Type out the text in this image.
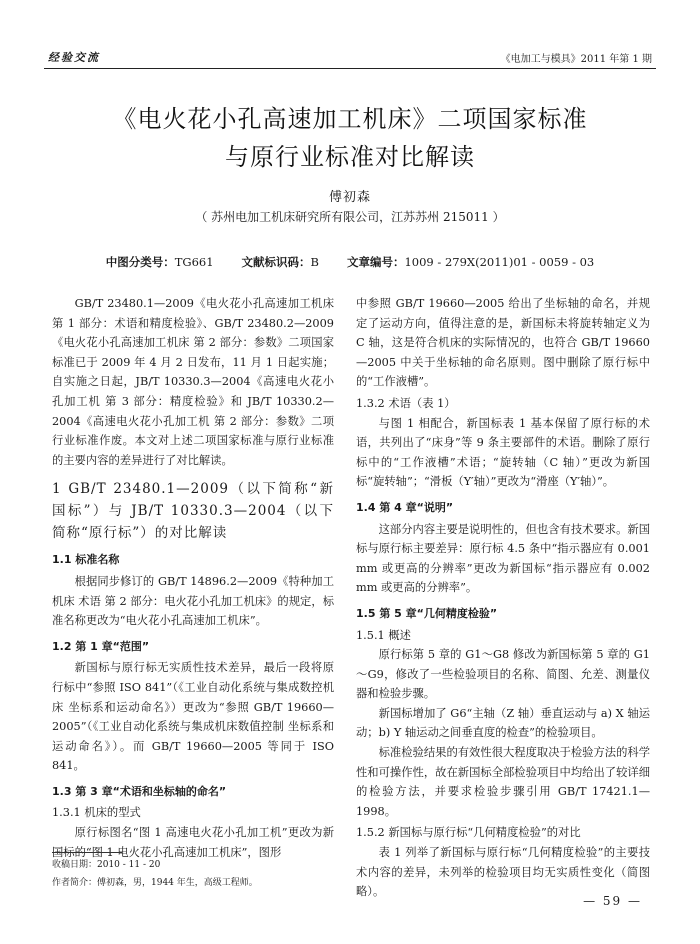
经验交流	《电加工与模具》2011 年第 1 期
《电火花小孔高速加工机床》二项国家标准
与原行业标准对比解读
傅初森
（ 苏州电加工机床研究所有限公司，江苏苏州 215011 ）
中图分类号：TG661 文献标识码：B 文章编号：1009 - 279X(2011)01 - 0059 - 03

GB/T 23480.1—2009《电火花小孔高速加工机床 第 1 部分：术语和精度检验》、GB/T 23480.2—2009《电火花小孔高速加工机床 第 2 部分：参数》二项国家标准已于 2009 年 4 月 2 日发布，11 月 1 日起实施；自实施之日起，JB/T 10330.3—2004《高速电火花小孔加工机 第 3 部分：精度检验》和 JB/T 10330.2—2004《高速电火花小孔加工机 第 2 部分：参数》二项行业标准作废。本文对上述二项国家标准与原行业标准的主要内容的差异进行了对比解读。

1 GB/T 23480.1—2009（以下简称“新国标”）与 JB/T 10330.3—2004（以下简称“原行标”）的对比解读
1.1 标准名称

根据同步修订的 GB/T 14896.2—2009《特种加工机床 术语 第 2 部分：电火花小孔加工机床》的规定，标准名称更改为“电火花小孔高速加工机床”。

1.2 第 1 章“范围”

新国标与原行标无实质性技术差异，最后一段将原行标中“参照 ISO 841”（《工业自动化系统与集成数控机床 坐标系和运动命名》）更改为“参照 GB/T 19660—2005”（《工业自动化系统与集成机床数值控制 坐标系和运动命名》）。而 GB/T 19660—2005 等同于 ISO 841。

1.3 第 3 章“术语和坐标轴的命名”
1.3.1 机床的型式

原行标图名“图 1 高速电火花小孔加工机”更改为新国标的“图 1 电火花小孔高速加工机床”，图形

中参照 GB/T 19660—2005 给出了坐标轴的命名，并规定了运动方向，值得注意的是，新国标未将旋转轴定义为 C 轴，这是符合机床的实际情况的，也符合 GB/T 19660—2005 中关于坐标轴的命名原则。图中删除了原行标中的“工作液槽”。

1.3.2 术语（表 1）

与图 1 相配合，新国标表 1 基本保留了原行标的术语，共列出了“床身”等 9 条主要部件的术语。删除了原行标中的“工作液槽”术语；“旋转轴（C 轴）”更改为新国标“旋转轴”；“滑板（Y′轴）”更改为“滑座（Y′轴）”。

1.4 第 4 章“说明”

这部分内容主要是说明性的，但也含有技术要求。新国标与原行标主要差异：原行标 4.5 条中“指示器应有 0.001 mm 或更高的分辨率”更改为新国标“指示器应有 0.002 mm 或更高的分辨率”。

1.5 第 5 章“几何精度检验”
1.5.1 概述

原行标第 5 章的 G1～G8 修改为新国标第 5 章的 G1～G9，修改了一些检验项目的名称、简图、允差、测量仪器和检验步骤。

新国标增加了 G6“主轴（Z 轴）垂直运动与 a) X 轴运动；b) Y 轴运动之间垂直度的检查”的检验项目。

标准检验结果的有效性很大程度取决于检验方法的科学性和可操作性，故在新国标全部检验项目中均给出了较详细的检验方法，并要求检验步骤引用 GB/T 17421.1—1998。

1.5.2 新国标与原行标“几何精度检验”的对比

表 1 列举了新国标与原行标“几何精度检验”的主要技术内容的差异，未列举的检验项目均无实质性变化（简图略）。

收稿日期：2010 - 11 - 20
作者简介：傅初森，男，1944 年生，高级工程师。
— 59 —
